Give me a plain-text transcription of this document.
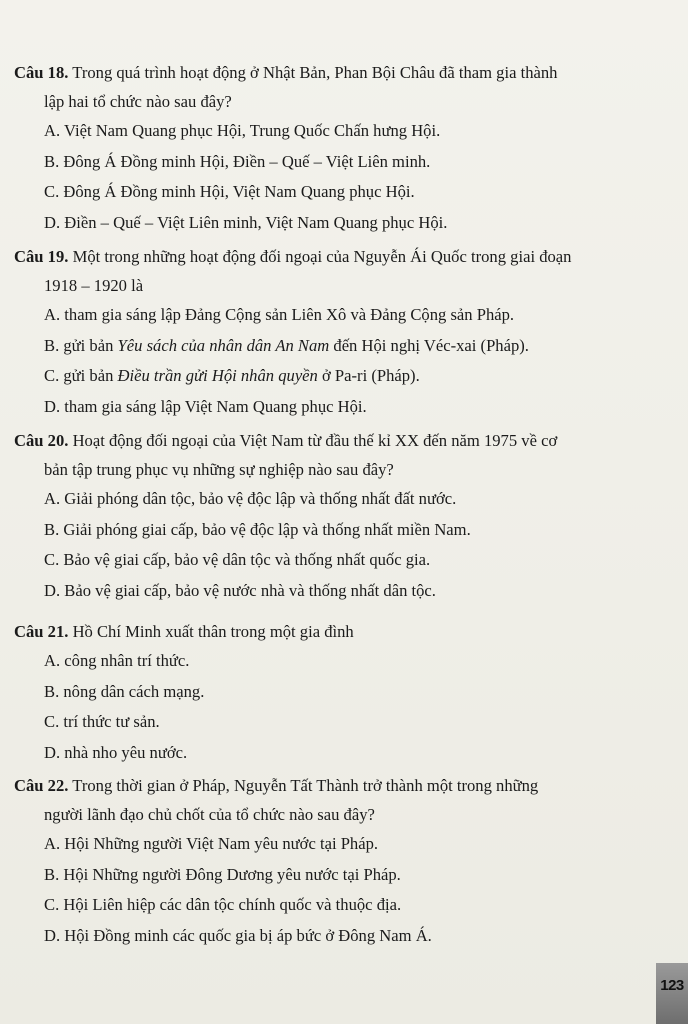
Câu 18. Trong quá trình hoạt động ở Nhật Bản, Phan Bội Châu đã tham gia thành
lập hai tổ chức nào sau đây?
A. Việt Nam Quang phục Hội, Trung Quốc Chấn hưng Hội.
B. Đông Á Đồng minh Hội, Điền – Quế – Việt Liên minh.
C. Đông Á Đồng minh Hội, Việt Nam Quang phục Hội.
D. Điền – Quế – Việt Liên minh, Việt Nam Quang phục Hội.
Câu 19. Một trong những hoạt động đối ngoại của Nguyễn Ái Quốc trong giai đoạn
1918 – 1920 là
A. tham gia sáng lập Đảng Cộng sản Liên Xô và Đảng Cộng sản Pháp.
B. gửi bản Yêu sách của nhân dân An Nam đến Hội nghị Véc-xai (Pháp).
C. gửi bản Điều trần gửi Hội nhân quyền ở Pa-ri (Pháp).
D. tham gia sáng lập Việt Nam Quang phục Hội.
Câu 20. Hoạt động đối ngoại của Việt Nam từ đầu thế kỉ XX đến năm 1975 về cơ
bản tập trung phục vụ những sự nghiệp nào sau đây?
A. Giải phóng dân tộc, bảo vệ độc lập và thống nhất đất nước.
B. Giải phóng giai cấp, bảo vệ độc lập và thống nhất miền Nam.
C. Bảo vệ giai cấp, bảo vệ dân tộc và thống nhất quốc gia.
D. Bảo vệ giai cấp, bảo vệ nước nhà và thống nhất dân tộc.
Câu 21. Hồ Chí Minh xuất thân trong một gia đình
A. công nhân trí thức.
B. nông dân cách mạng.
C. trí thức tư sản.
D. nhà nho yêu nước.
Câu 22. Trong thời gian ở Pháp, Nguyễn Tất Thành trở thành một trong những
người lãnh đạo chủ chốt của tổ chức nào sau đây?
A. Hội Những người Việt Nam yêu nước tại Pháp.
B. Hội Những người Đông Dương yêu nước tại Pháp.
C. Hội Liên hiệp các dân tộc chính quốc và thuộc địa.
D. Hội Đồng minh các quốc gia bị áp bức ở Đông Nam Á.
123
